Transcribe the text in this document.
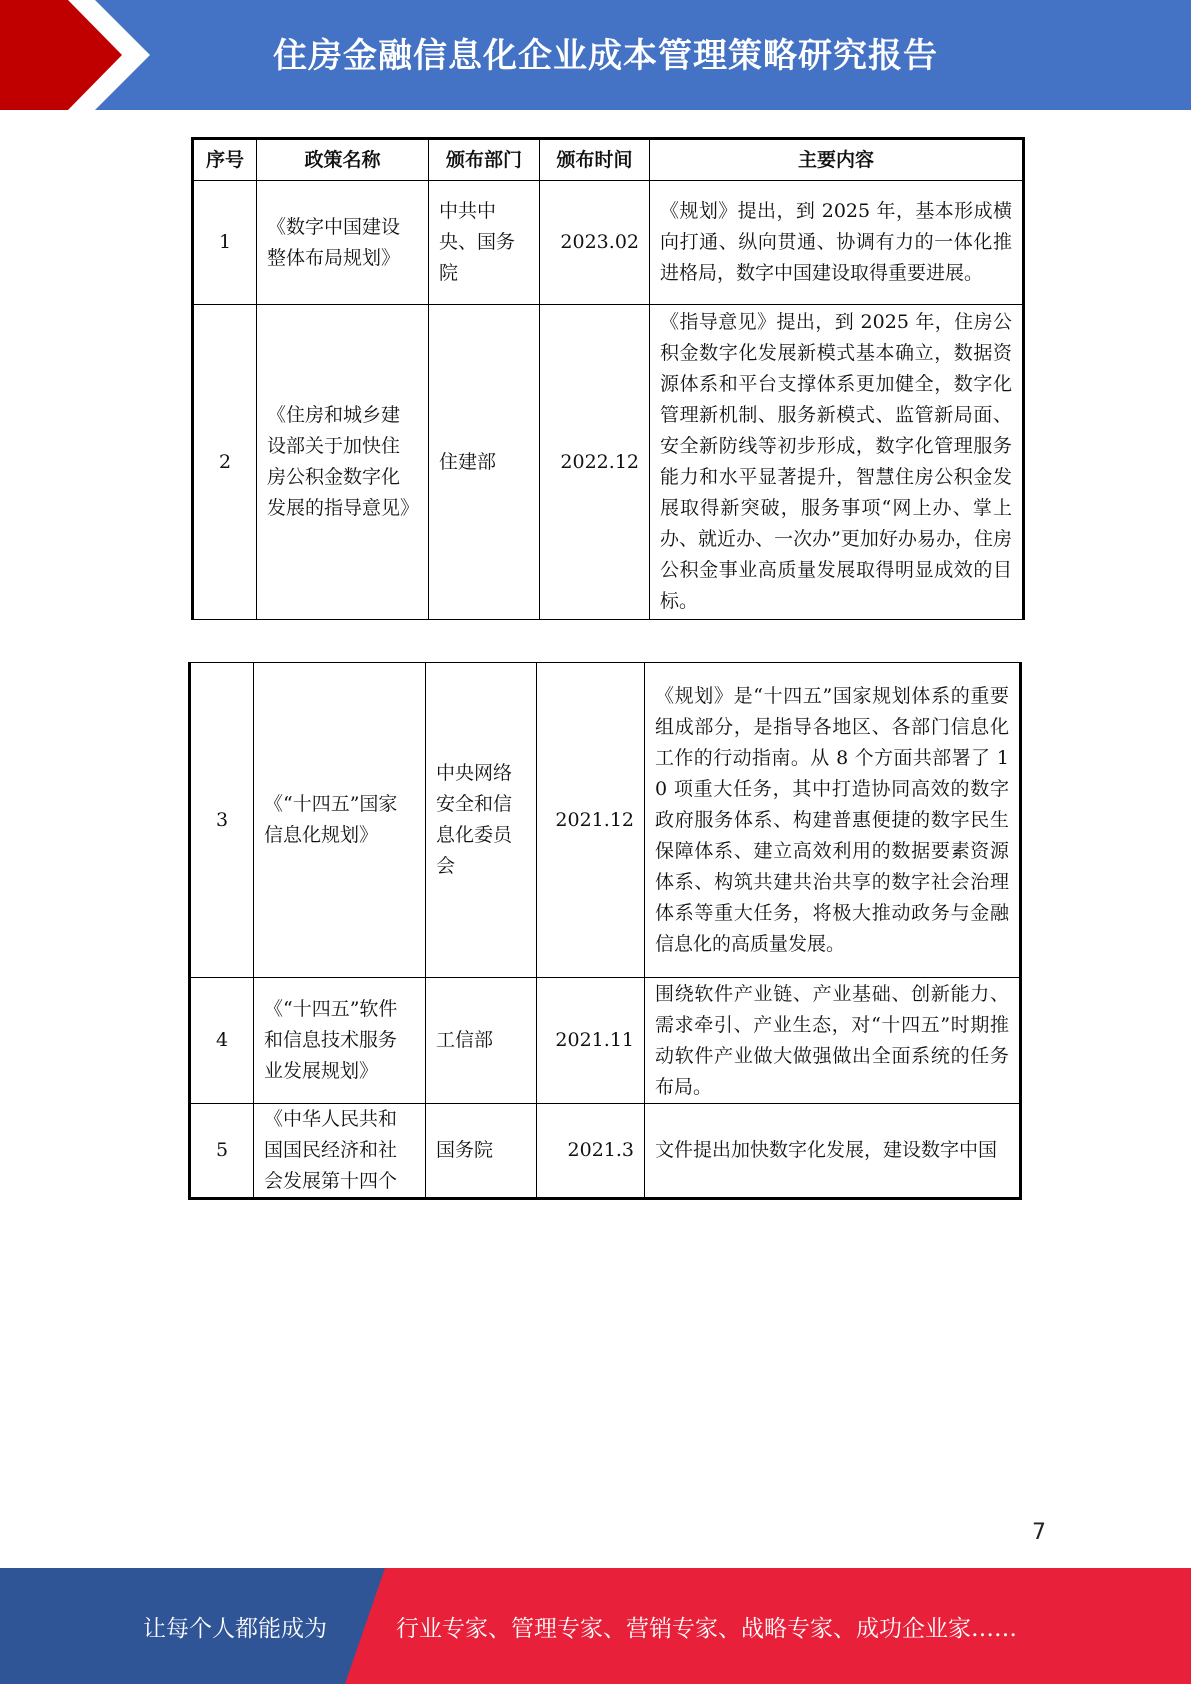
住房金融信息化企业成本管理策略研究报告
序号	政策名称	颁布部门	颁布时间	主要内容
1	《数字中国建设整体布局规划》	中共中央、国务院	2023.02	《规划》提出，到 2025 年，基本形成横向打通、纵向贯通、协调有力的一体化推进格局，数字中国建设取得重要进展。
2	《住房和城乡建设部关于加快住房公积金数字化发展的指导意见》	住建部	2022.12	《指导意见》提出，到 2025 年，住房公积金数字化发展新模式基本确立，数据资源体系和平台支撑体系更加健全，数字化管理新机制、服务新模式、监管新局面、安全新防线等初步形成，数字化管理服务能力和水平显著提升，智慧住房公积金发展取得新突破，服务事项“网上办、掌上办、就近办、一次办”更加好办易办，住房公积金事业高质量发展取得明显成效的目标。
3	《“十四五”国家信息化规划》	中央网络安全和信息化委员会	2021.12	《规划》是“十四五”国家规划体系的重要组成部分，是指导各地区、各部门信息化工作的行动指南。从 8 个方面共部署了 10 项重大任务，其中打造协同高效的数字政府服务体系、构建普惠便捷的数字民生保障体系、建立高效利用的数据要素资源体系、构筑共建共治共享的数字社会治理体系等重大任务，将极大推动政务与金融信息化的高质量发展。
4	《“十四五”软件和信息技术服务业发展规划》	工信部	2021.11	围绕软件产业链、产业基础、创新能力、需求牵引、产业生态，对“十四五”时期推动软件产业做大做强做出全面系统的任务布局。
5	《中华人民共和国国民经济和社会发展第十四个	国务院	2021.3	文件提出加快数字化发展，建设数字中国
7
让每个人都能成为	行业专家、管理专家、营销专家、战略专家、成功企业家……
